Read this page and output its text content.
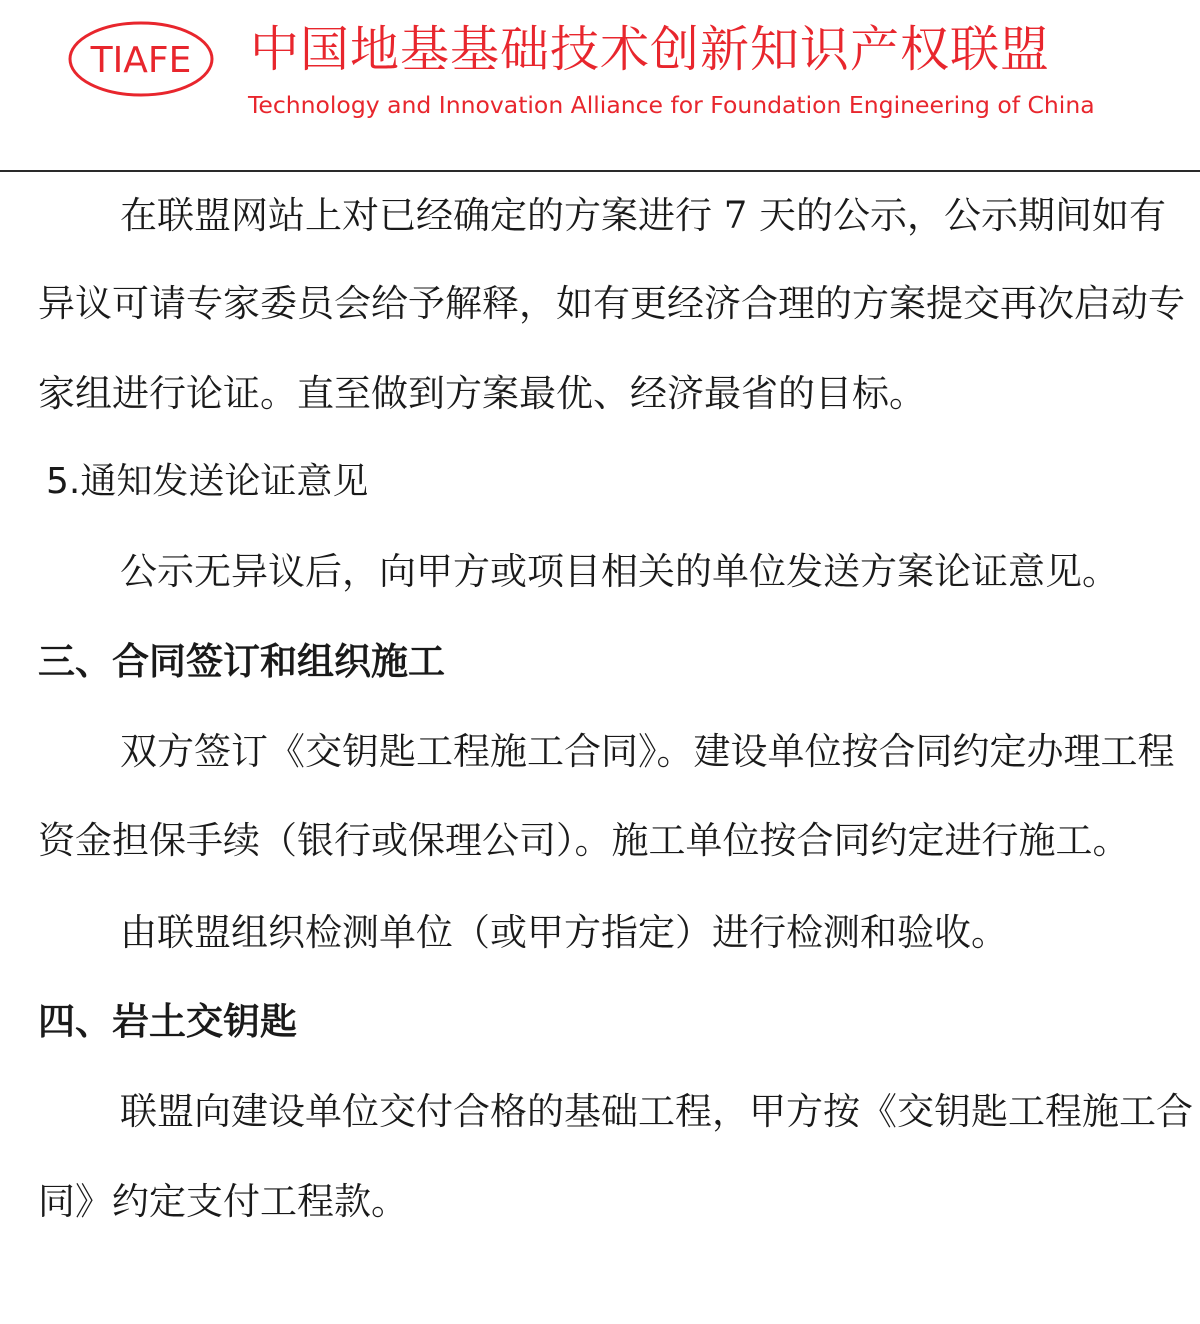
TIAFE 中国地基基础技术创新知识产权联盟
Technology and Innovation Alliance for Foundation Engineering of China
在联盟网站上对已经确定的方案进行 7 天的公示，公示期间如有
异议可请专家委员会给予解释，如有更经济合理的方案提交再次启动专
家组进行论证。直至做到方案最优、经济最省的目标。
5.通知发送论证意见
公示无异议后，向甲方或项目相关的单位发送方案论证意见。
三、合同签订和组织施工
双方签订《交钥匙工程施工合同》。建设单位按合同约定办理工程
资金担保手续（银行或保理公司）。施工单位按合同约定进行施工。
由联盟组织检测单位（或甲方指定）进行检测和验收。
四、岩土交钥匙
联盟向建设单位交付合格的基础工程，甲方按《交钥匙工程施工合
同》约定支付工程款。
